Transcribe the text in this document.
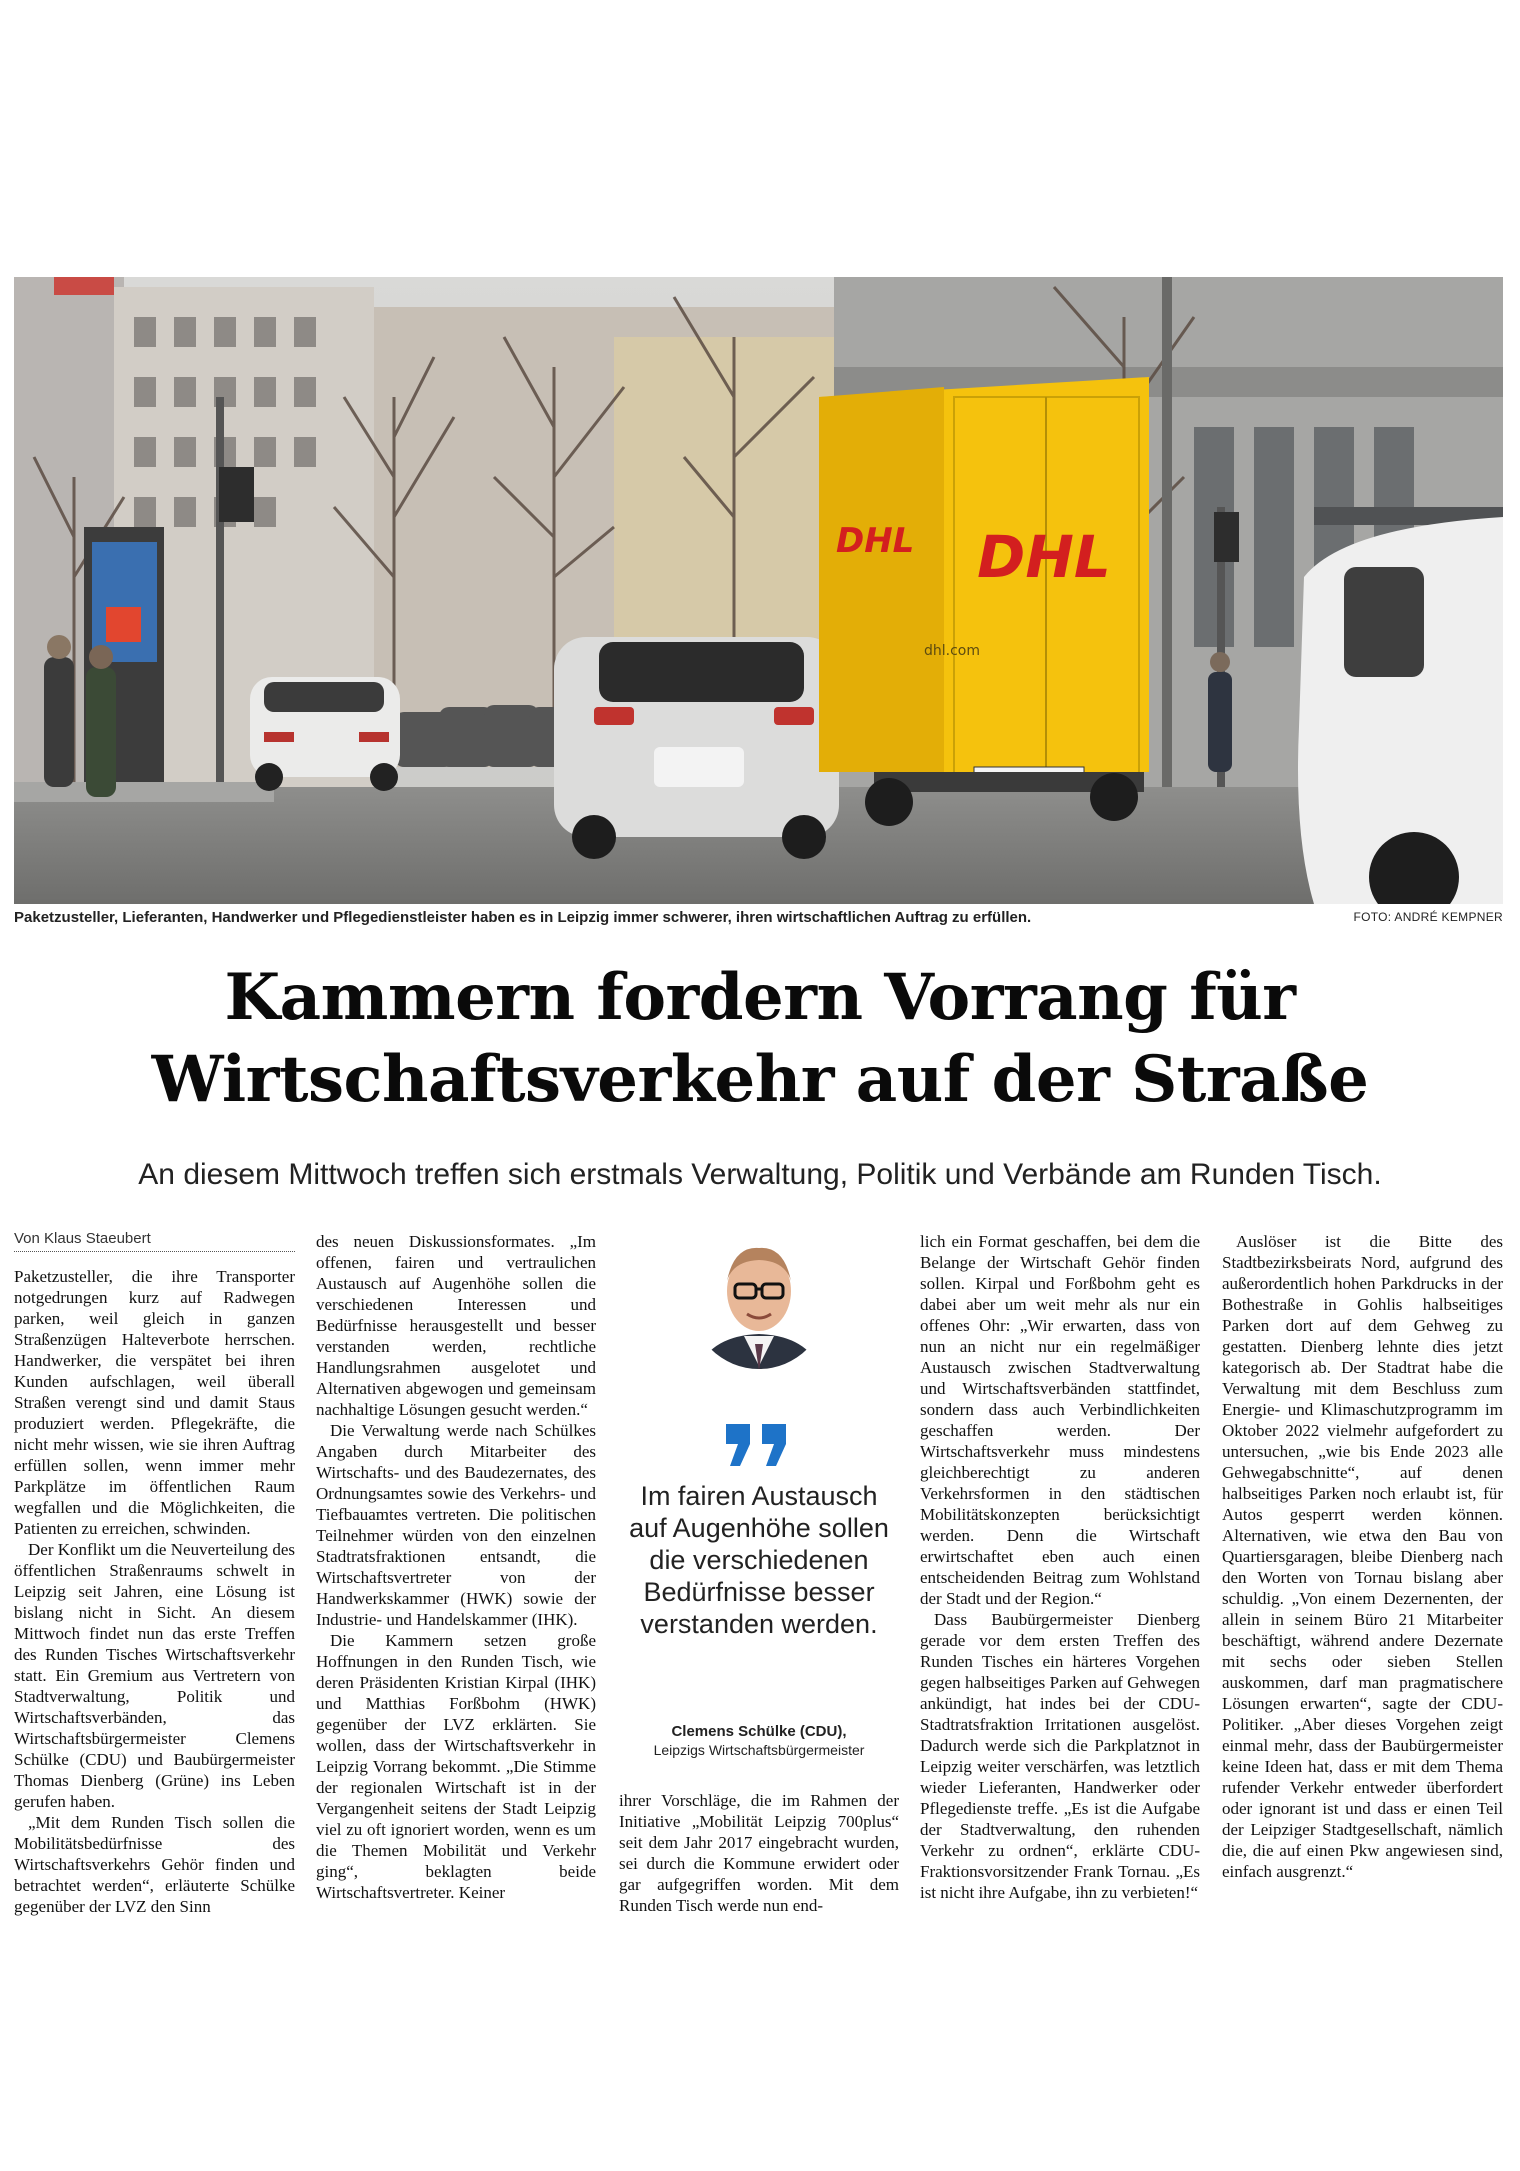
DHL
DHL
dhl.com
Paketzusteller, Lieferanten, Handwerker und Pflegedienstleister haben es in Leipzig immer schwerer, ihren wirtschaftlichen Auftrag zu erfüllen.	FOTO: ANDRÉ KEMPNER
Kammern fordern Vorrang für
Wirtschaftsverkehr auf der Straße
An diesem Mittwoch treffen sich erstmals Verwaltung, Politik und Verbände am Runden Tisch.
Von Klaus Staeubert

Paketzusteller, die ihre Transporter notgedrungen kurz auf Radwegen parken, weil gleich in ganzen Straßenzügen Halteverbote herrschen. Handwerker, die verspätet bei ihren Kunden aufschlagen, weil überall Straßen verengt sind und damit Staus produziert werden. Pflegekräfte, die nicht mehr wissen, wie sie ihren Auftrag erfüllen sollen, wenn immer mehr Parkplätze im öffentlichen Raum wegfallen und die Möglichkeiten, die Patienten zu erreichen, schwinden.

Der Konflikt um die Neuverteilung des öffentlichen Straßenraums schwelt in Leipzig seit Jahren, eine Lösung ist bislang nicht in Sicht. An diesem Mittwoch findet nun das erste Treffen des Runden Tisches Wirtschaftsverkehr statt. Ein Gremium aus Vertretern von Stadtverwaltung, Politik und Wirtschaftsverbänden, das Wirtschaftsbürgermeister Clemens Schülke (CDU) und Baubürgermeister Thomas Dienberg (Grüne) ins Leben gerufen haben.

„Mit dem Runden Tisch sollen die Mobilitätsbedürfnisse des Wirtschaftsverkehrs Gehör finden und betrachtet werden“, erläuterte Schülke gegenüber der LVZ den Sinn

des neuen Diskussionsformates. „Im offenen, fairen und vertraulichen Austausch auf Augenhöhe sollen die verschiedenen Interessen und Bedürfnisse herausgestellt und besser verstanden werden, rechtliche Handlungsrahmen ausgelotet und Alternativen abgewogen und gemeinsam nachhaltige Lösungen gesucht werden.“

Die Verwaltung werde nach Schülkes Angaben durch Mitarbeiter des Wirtschafts- und des Baudezernates, des Ordnungsamtes sowie des Verkehrs- und Tiefbauamtes vertreten. Die politischen Teilnehmer würden von den einzelnen Stadtratsfraktionen entsandt, die Wirtschaftsvertreter von der Handwerkskammer (HWK) sowie der Industrie- und Handelskammer (IHK).

Die Kammern setzen große Hoffnungen in den Runden Tisch, wie deren Präsidenten Kristian Kirpal (IHK) und Matthias Forßbohm (HWK) gegenüber der LVZ erklärten. Sie wollen, dass der Wirtschaftsverkehr in Leipzig Vorrang bekommt. „Die Stimme der regionalen Wirtschaft ist in der Vergangenheit seitens der Stadt Leipzig viel zu oft ignoriert worden, wenn es um die Themen Mobilität und Verkehr ging“, beklagten beide Wirtschaftsvertreter. Keiner

Im fairen Austausch auf Augenhöhe sollen die verschiedenen Bedürfnisse besser verstanden werden.
Clemens Schülke (CDU),
Leipzigs Wirtschaftsbürgermeister

ihrer Vorschläge, die im Rahmen der Initiative „Mobilität Leipzig 700plus“ seit dem Jahr 2017 eingebracht wurden, sei durch die Kommune erwidert oder gar aufgegriffen worden. Mit dem Runden Tisch werde nun end-

lich ein Format geschaffen, bei dem die Belange der Wirtschaft Gehör finden sollen. Kirpal und Forßbohm geht es dabei aber um weit mehr als nur ein offenes Ohr: „Wir erwarten, dass von nun an nicht nur ein regelmäßiger Austausch zwischen Stadtverwaltung und Wirtschaftsverbänden stattfindet, sondern dass auch Verbindlichkeiten geschaffen werden. Der Wirtschaftsverkehr muss mindestens gleichberechtigt zu anderen Verkehrsformen in den städtischen Mobilitätskonzepten berücksichtigt werden. Denn die Wirtschaft erwirtschaftet eben auch einen entscheidenden Beitrag zum Wohlstand der Stadt und der Region.“

Dass Baubürgermeister Dienberg gerade vor dem ersten Treffen des Runden Tisches ein härteres Vorgehen gegen halbseitiges Parken auf Gehwegen ankündigt, hat indes bei der CDU-Stadtratsfraktion Irritationen ausgelöst. Dadurch werde sich die Parkplatznot in Leipzig weiter verschärfen, was letztlich wieder Lieferanten, Handwerker oder Pflegedienste treffe. „Es ist die Aufgabe der Stadtverwaltung, den ruhenden Verkehr zu ordnen“, erklärte CDU-Fraktionsvorsitzender Frank Tornau. „Es ist nicht ihre Aufgabe, ihn zu verbieten!“

Auslöser ist die Bitte des Stadtbezirksbeirats Nord, aufgrund des außerordentlich hohen Parkdrucks in der Bothestraße in Gohlis halbseitiges Parken dort auf dem Gehweg zu gestatten. Dienberg lehnte dies jetzt kategorisch ab. Der Stadtrat habe die Verwaltung mit dem Beschluss zum Energie- und Klimaschutzprogramm im Oktober 2022 vielmehr aufgefordert zu untersuchen, „wie bis Ende 2023 alle Gehwegabschnitte“, auf denen halbseitiges Parken noch erlaubt ist, für Autos gesperrt werden können. Alternativen, wie etwa den Bau von Quartiersgaragen, bleibe Dienberg nach den Worten von Tornau bislang aber schuldig. „Von einem Dezernenten, der allein in seinem Büro 21 Mitarbeiter beschäftigt, während andere Dezernate mit sechs oder sieben Stellen auskommen, darf man pragmatischere Lösungen erwarten“, sagte der CDU-Politiker. „Aber dieses Vorgehen zeigt einmal mehr, dass der Baubürgermeister keine Ideen hat, dass er mit dem Thema rufender Verkehr entweder überfordert oder ignorant ist und dass er einen Teil der Leipziger Stadtgesellschaft, nämlich die, die auf einen Pkw angewiesen sind, einfach ausgrenzt.“
